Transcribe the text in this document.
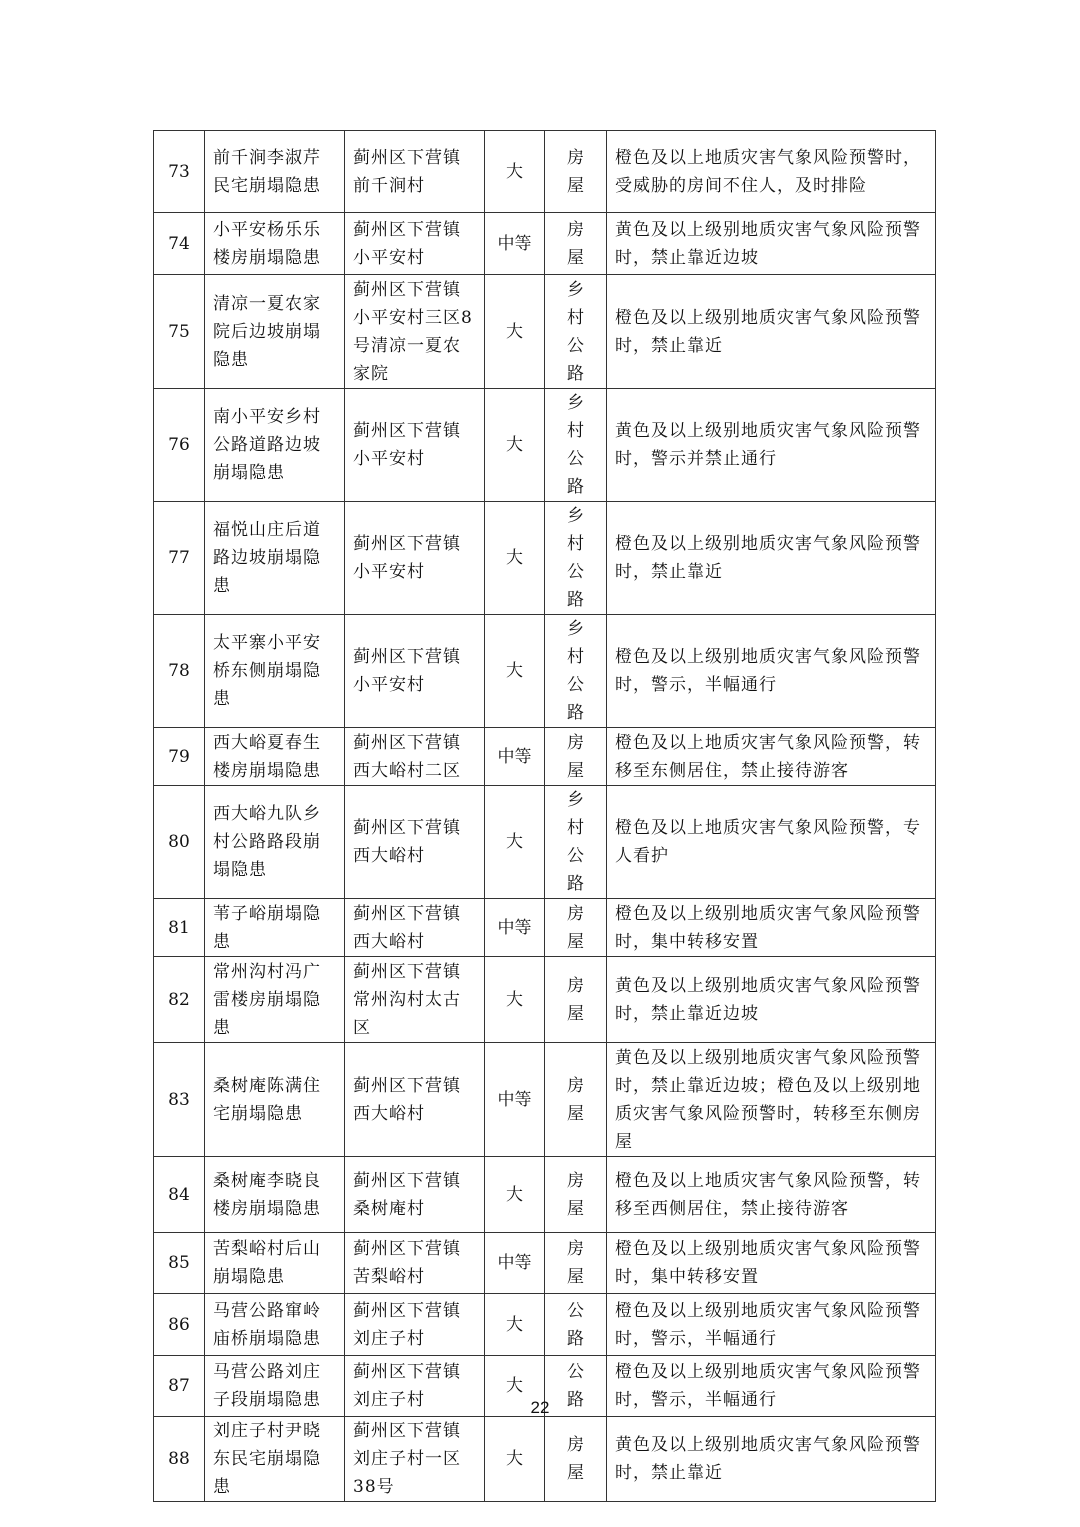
73	前千涧李淑芹民宅崩塌隐患	蓟州区下营镇前千涧村	大	房屋	橙色及以上地质灾害气象风险预警时，受威胁的房间不住人，及时排险
74	小平安杨乐乐楼房崩塌隐患	蓟州区下营镇小平安村	中等	房屋	黄色及以上级别地质灾害气象风险预警时，禁止靠近边坡
75	清凉一夏农家院后边坡崩塌隐患	蓟州区下营镇小平安村三区8号清凉一夏农家院	大	乡村公路	橙色及以上级别地质灾害气象风险预警时，禁止靠近
76	南小平安乡村公路道路边坡崩塌隐患	蓟州区下营镇小平安村	大	乡村公路	黄色及以上级别地质灾害气象风险预警时，警示并禁止通行
77	福悦山庄后道路边坡崩塌隐患	蓟州区下营镇小平安村	大	乡村公路	橙色及以上级别地质灾害气象风险预警时，禁止靠近
78	太平寨小平安桥东侧崩塌隐患	蓟州区下营镇小平安村	大	乡村公路	橙色及以上级别地质灾害气象风险预警时，警示，半幅通行
79	西大峪夏春生楼房崩塌隐患	蓟州区下营镇西大峪村二区	中等	房屋	橙色及以上地质灾害气象风险预警，转移至东侧居住，禁止接待游客
80	西大峪九队乡村公路路段崩塌隐患	蓟州区下营镇西大峪村	大	乡村公路	橙色及以上地质灾害气象风险预警，专人看护
81	苇子峪崩塌隐患	蓟州区下营镇西大峪村	中等	房屋	橙色及以上级别地质灾害气象风险预警时，集中转移安置
82	常州沟村冯广雷楼房崩塌隐患	蓟州区下营镇常州沟村太古区	大	房屋	黄色及以上级别地质灾害气象风险预警时，禁止靠近边坡
83	桑树庵陈满住宅崩塌隐患	蓟州区下营镇西大峪村	中等	房屋	黄色及以上级别地质灾害气象风险预警时，禁止靠近边坡；橙色及以上级别地质灾害气象风险预警时，转移至东侧房屋
84	桑树庵李晓良楼房崩塌隐患	蓟州区下营镇桑树庵村	大	房屋	橙色及以上地质灾害气象风险预警，转移至西侧居住，禁止接待游客
85	苦梨峪村后山崩塌隐患	蓟州区下营镇苦梨峪村	中等	房屋	橙色及以上级别地质灾害气象风险预警时，集中转移安置
86	马营公路窜岭庙桥崩塌隐患	蓟州区下营镇刘庄子村	大	公路	橙色及以上级别地质灾害气象风险预警时，警示，半幅通行
87	马营公路刘庄子段崩塌隐患	蓟州区下营镇刘庄子村	大	公路	橙色及以上级别地质灾害气象风险预警时，警示，半幅通行
88	刘庄子村尹晓东民宅崩塌隐患	蓟州区下营镇刘庄子村一区38号	大	房屋	黄色及以上级别地质灾害气象风险预警时，禁止靠近
22
